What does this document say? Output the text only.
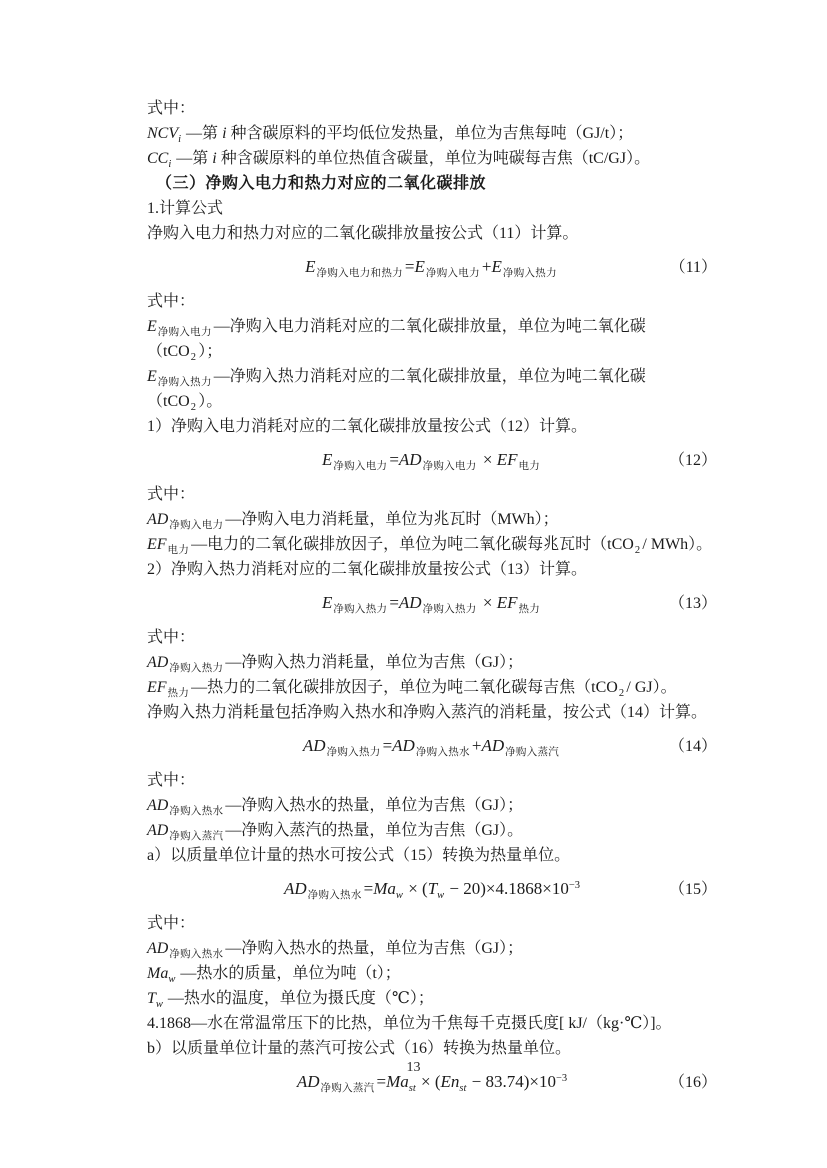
式中：
$NCV_i$ —第 i 种含碳原料的平均低位发热量，单位为吉焦每吨（GJ/t）；
$CC_i$ —第 i 种含碳原料的单位热值含碳量，单位为吨碳每吉焦（tC/GJ）。
（三）净购入电力和热力对应的二氧化碳排放
1.计算公式
净购入电力和热力对应的二氧化碳排放量按公式（11）计算。
$E_{净购入电力和热力} =E_{净购入电力} +E_{净购入热力}$	（11）
式中：
$E_{净购入电力}$ —净购入电力消耗对应的二氧化碳排放量，单位为吨二氧化碳（tCO$_2$ ）；
$E_{净购入热力}$ —净购入热力消耗对应的二氧化碳排放量，单位为吨二氧化碳（tCO$_2$ ）。
1）净购入电力消耗对应的二氧化碳排放量按公式（12）计算。
$E_{净购入电力} =AD_{净购入电力} \times EF_{电力}$	（12）
式中：
$AD_{净购入电力}$ —净购入电力消耗量，单位为兆瓦时（MWh）；
$EF_{电力}$ —电力的二氧化碳排放因子，单位为吨二氧化碳每兆瓦时（tCO$_2$ / MWh）。
2）净购入热力消耗对应的二氧化碳排放量按公式（13）计算。
$E_{净购入热力} =AD_{净购入热力} \times EF_{热力}$	（13）
式中：
$AD_{净购入热力}$ —净购入热力消耗量，单位为吉焦（GJ）；
$EF_{热力}$ —热力的二氧化碳排放因子，单位为吨二氧化碳每吉焦（tCO$_2$ / GJ）。
净购入热力消耗量包括净购入热水和净购入蒸汽的消耗量，按公式（14）计算。
$AD_{净购入热力} =AD_{净购入热水} +AD_{净购入蒸汽}$	（14）
式中：
$AD_{净购入热水}$ —净购入热水的热量，单位为吉焦（GJ）；
$AD_{净购入蒸汽}$ —净购入蒸汽的热量，单位为吉焦（GJ）。
a）以质量单位计量的热水可按公式（15）转换为热量单位。
$AD_{净购入热水} =Ma_w \times (T_w - 20)\times 4.1868\times 10^{-3}$	（15）
式中：
$AD_{净购入热水}$ —净购入热水的热量，单位为吉焦（GJ）；
$Ma_w$ —热水的质量，单位为吨（t）；
$T_w$ —热水的温度，单位为摄氏度（℃）；
4.1868—水在常温常压下的比热，单位为千焦每千克摄氏度[ kJ/（kg·℃）]。
b）以质量单位计量的蒸汽可按公式（16）转换为热量单位。
$AD_{净购入蒸汽} =Ma_{st} \times (En_{st} - 83.74)\times 10^{-3}$	（16）
13
